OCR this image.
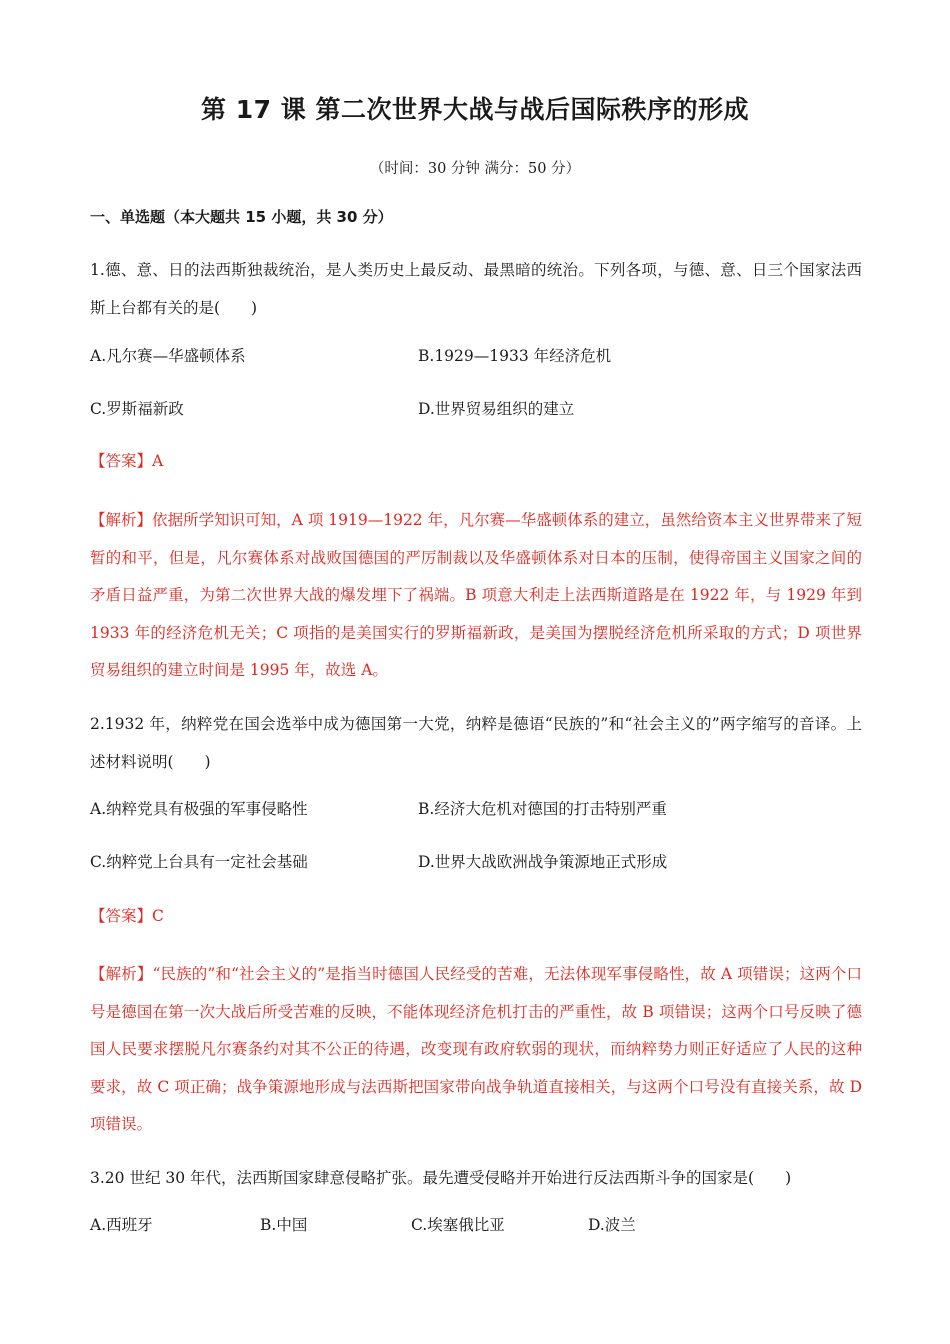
第 17 课 第二次世界大战与战后国际秩序的形成
（时间：30 分钟 满分：50 分）
一、单选题（本大题共 15 小题，共 30 分）
1.德、意、日的法西斯独裁统治，是人类历史上最反动、最黑暗的统治。下列各项，与德、意、日三个国家法西斯上台都有关的是(　　)
A.凡尔赛—华盛顿体系	B.1929—1933 年经济危机
C.罗斯福新政	D.世界贸易组织的建立
【答案】A
【解析】依据所学知识可知，A 项 1919—1922 年，凡尔赛—华盛顿体系的建立，虽然给资本主义世界带来了短暂的和平，但是，凡尔赛体系对战败国德国的严厉制裁以及华盛顿体系对日本的压制，使得帝国主义国家之间的矛盾日益严重，为第二次世界大战的爆发埋下了祸端。B 项意大利走上法西斯道路是在 1922 年，与 1929 年到 1933 年的经济危机无关；C 项指的是美国实行的罗斯福新政，是美国为摆脱经济危机所采取的方式；D 项世界贸易组织的建立时间是 1995 年，故选 A。
2.1932 年，纳粹党在国会选举中成为德国第一大党，纳粹是德语“民族的”和“社会主义的”两字缩写的音译。上述材料说明(　　)
A.纳粹党具有极强的军事侵略性	B.经济大危机对德国的打击特别严重
C.纳粹党上台具有一定社会基础	D.世界大战欧洲战争策源地正式形成
【答案】C
【解析】“民族的”和“社会主义的”是指当时德国人民经受的苦难，无法体现军事侵略性，故 A 项错误；这两个口号是德国在第一次大战后所受苦难的反映，不能体现经济危机打击的严重性，故 B 项错误；这两个口号反映了德国人民要求摆脱凡尔赛条约对其不公正的待遇，改变现有政府软弱的现状，而纳粹势力则正好适应了人民的这种要求，故 C 项正确；战争策源地形成与法西斯把国家带向战争轨道直接相关，与这两个口号没有直接关系，故 D 项错误。
3.20 世纪 30 年代，法西斯国家肆意侵略扩张。最先遭受侵略并开始进行反法西斯斗争的国家是(　　)
A.西班牙	B.中国	C.埃塞俄比亚	D.波兰
